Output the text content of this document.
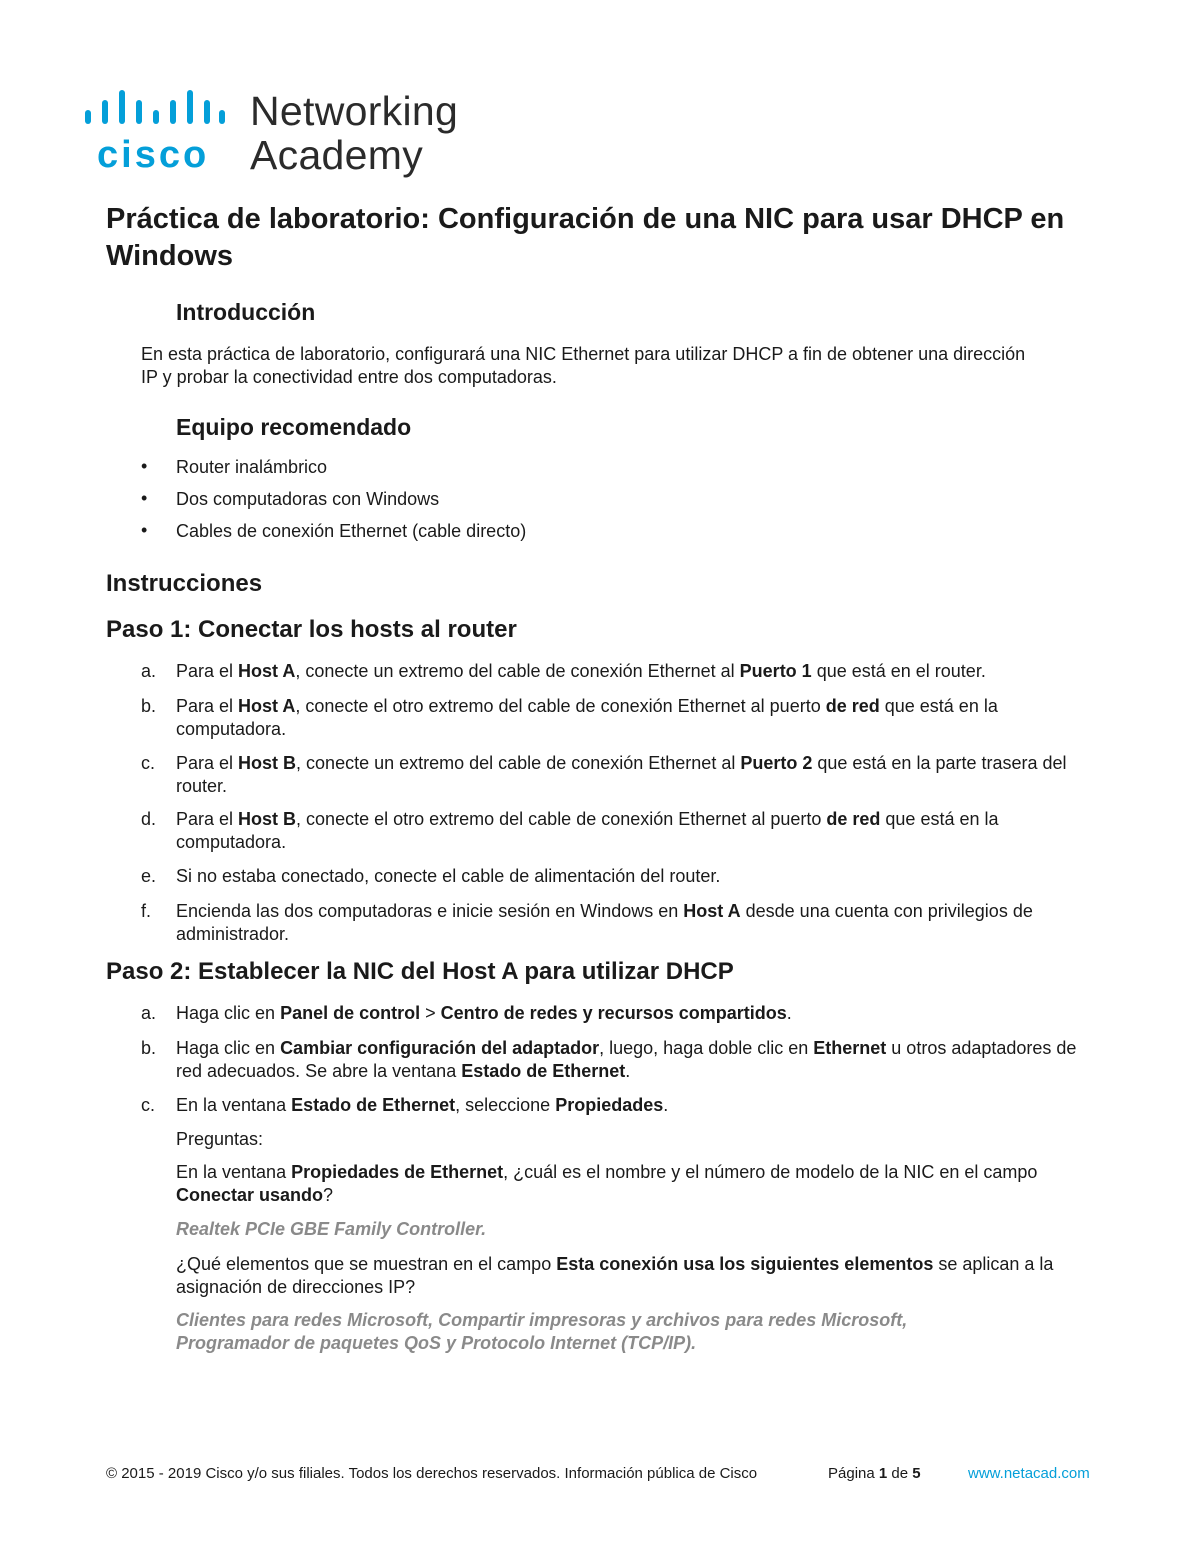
cisco
Networking
Academy
Práctica de laboratorio: Configuración de una NIC para usar DHCP en Windows
Introducción

En esta práctica de laboratorio, configurará una NIC Ethernet para utilizar DHCP a fin de obtener una dirección IP y probar la conectividad entre dos computadoras.

Equipo recomendado
Router inalámbrico
Dos computadoras con Windows
Cables de conexión Ethernet (cable directo)
Instrucciones
Paso 1: Conectar los hosts al router
a. Para el Host A, conecte un extremo del cable de conexión Ethernet al Puerto 1 que está en el router.
b. Para el Host A, conecte el otro extremo del cable de conexión Ethernet al puerto de red que está en la computadora.
c. Para el Host B, conecte un extremo del cable de conexión Ethernet al Puerto 2 que está en la parte trasera del router.
d. Para el Host B, conecte el otro extremo del cable de conexión Ethernet al puerto de red que está en la computadora.
e. Si no estaba conectado, conecte el cable de alimentación del router.
f. Encienda las dos computadoras e inicie sesión en Windows en Host A desde una cuenta con privilegios de administrador.
Paso 2: Establecer la NIC del Host A para utilizar DHCP
a. Haga clic en Panel de control > Centro de redes y recursos compartidos.
b. Haga clic en Cambiar configuración del adaptador, luego, haga doble clic en Ethernet u otros adaptadores de red adecuados. Se abre la ventana Estado de Ethernet.
c. En la ventana Estado de Ethernet, seleccione Propiedades.

Preguntas:

En la ventana Propiedades de Ethernet, ¿cuál es el nombre y el número de modelo de la NIC en el campo Conectar usando?

Realtek PCIe GBE Family Controller.

¿Qué elementos que se muestran en el campo Esta conexión usa los siguientes elementos se aplican a la asignación de direcciones IP?

Clientes para redes Microsoft, Compartir impresoras y archivos para redes Microsoft, Programador de paquetes QoS y Protocolo Internet (TCP/IP).

© 2015 - 2019 Cisco y/o sus filiales. Todos los derechos reservados. Información pública de Cisco	Página 1 de 5	www.netacad.com
